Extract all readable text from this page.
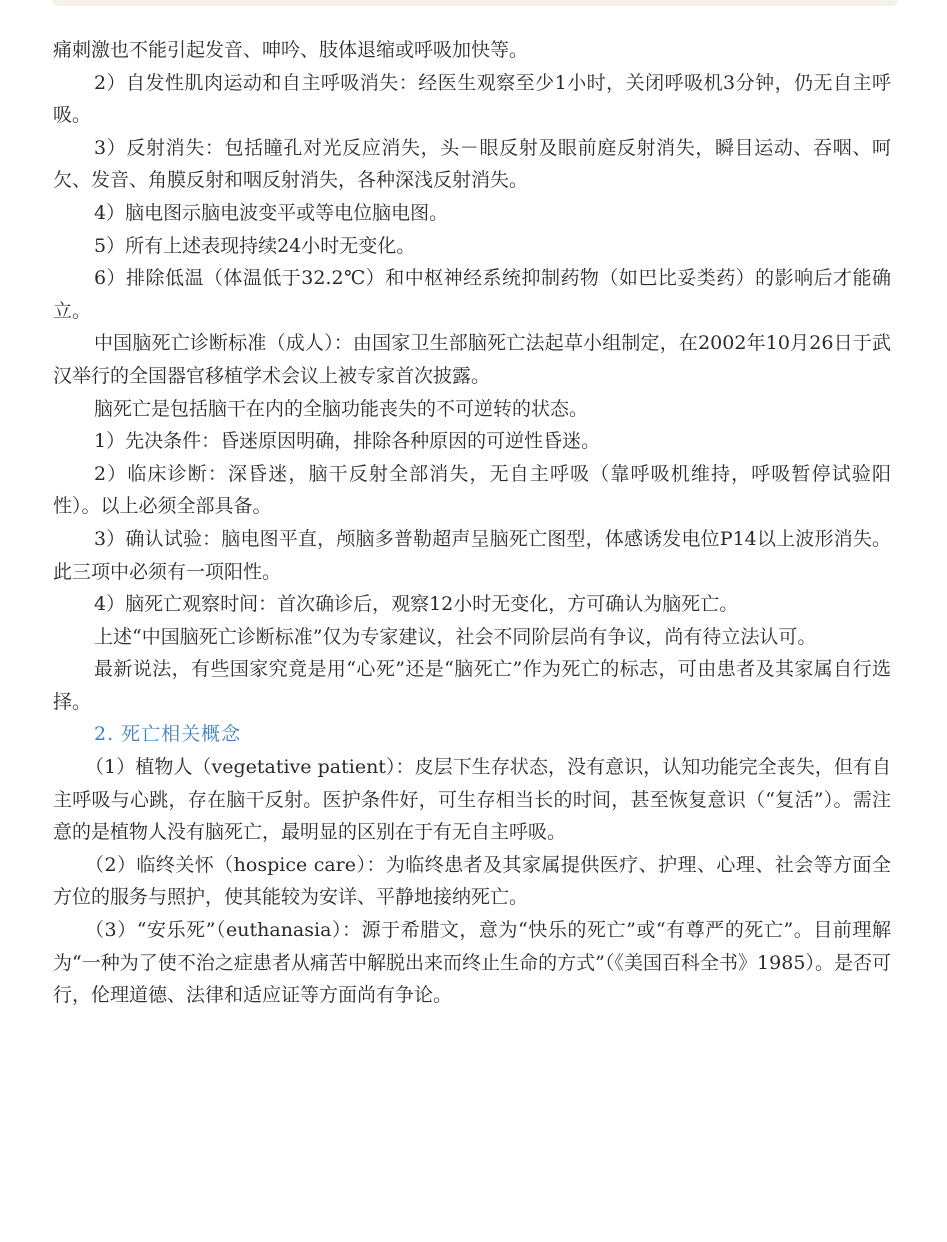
痛刺激也不能引起发音、呻吟、肢体退缩或呼吸加快等。

2）自发性肌肉运动和自主呼吸消失：经医生观察至少1小时，关闭呼吸机3分钟，仍无自主呼吸。

3）反射消失：包括瞳孔对光反应消失，头－眼反射及眼前庭反射消失，瞬目运动、吞咽、呵欠、发音、角膜反射和咽反射消失，各种深浅反射消失。

4）脑电图示脑电波变平或等电位脑电图。

5）所有上述表现持续24小时无变化。

6）排除低温（体温低于32.2℃）和中枢神经系统抑制药物（如巴比妥类药）的影响后才能确立。

中国脑死亡诊断标准（成人）：由国家卫生部脑死亡法起草小组制定，在2002年10月26日于武汉举行的全国器官移植学术会议上被专家首次披露。

脑死亡是包括脑干在内的全脑功能丧失的不可逆转的状态。

1）先决条件：昏迷原因明确，排除各种原因的可逆性昏迷。

2）临床诊断：深昏迷，脑干反射全部消失，无自主呼吸（靠呼吸机维持，呼吸暂停试验阳性）。以上必须全部具备。

3）确认试验：脑电图平直，颅脑多普勒超声呈脑死亡图型，体感诱发电位P14以上波形消失。此三项中必须有一项阳性。

4）脑死亡观察时间：首次确诊后，观察12小时无变化，方可确认为脑死亡。

上述“中国脑死亡诊断标准”仅为专家建议，社会不同阶层尚有争议，尚有待立法认可。

最新说法，有些国家究竟是用“心死”还是“脑死亡”作为死亡的标志，可由患者及其家属自行选择。

2. 死亡相关概念

（1）植物人（vegetative patient）：皮层下生存状态，没有意识，认知功能完全丧失，但有自主呼吸与心跳，存在脑干反射。医护条件好，可生存相当长的时间，甚至恢复意识（“复活”）。需注意的是植物人没有脑死亡，最明显的区别在于有无自主呼吸。

（2）临终关怀（hospice care）：为临终患者及其家属提供医疗、护理、心理、社会等方面全方位的服务与照护，使其能较为安详、平静地接纳死亡。

（3）“安乐死”（euthanasia）：源于希腊文，意为“快乐的死亡”或“有尊严的死亡”。目前理解为“一种为了使不治之症患者从痛苦中解脱出来而终止生命的方式”（《美国百科全书》1985）。是否可行，伦理道德、法律和适应证等方面尚有争论。
